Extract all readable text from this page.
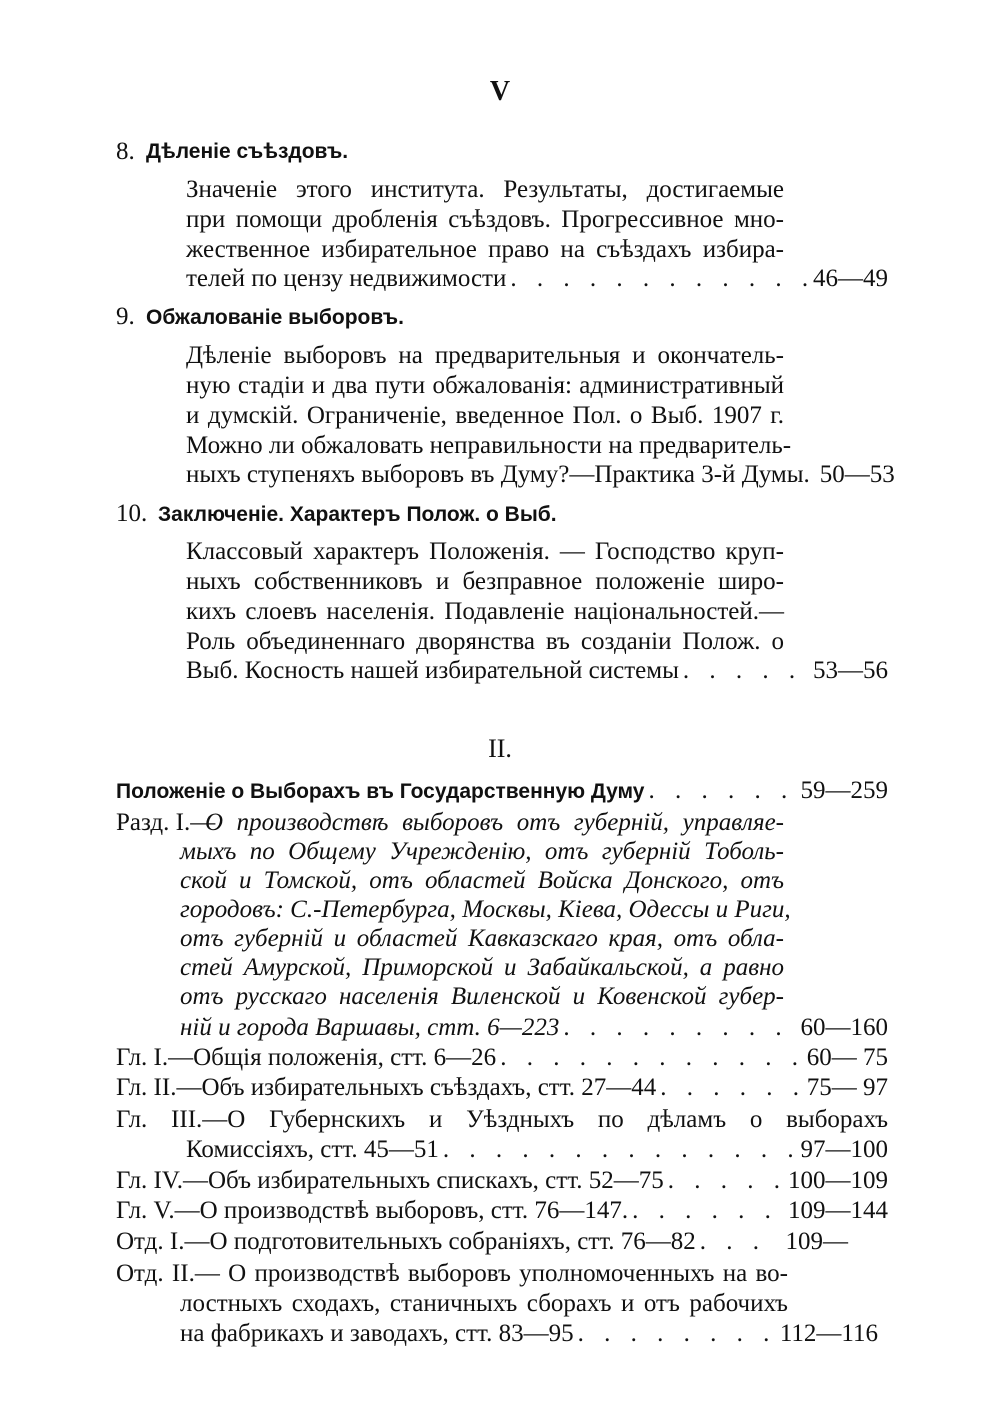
V
8. Дѣленіе съѣздовъ.
Значеніе этого института. Результаты, достигаемые
при помощи дробленія съѣздовъ. Прогрессивное мно-
жественное избирательное право на съѣздахъ избира-
телей по цензу недвижимости . . .	46—49
9. Обжалованіе выборовъ.
Дѣленіе выборовъ на предварительныя и окончатель-
ную стадіи и два пути обжалованія: административный
и думскій. Ограниченіе, введенное Пол. о Выб. 1907 г.
Можно ли обжаловать неправильности на предваритель-
ныхъ ступеняхъ выборовъ въ Думу?—Практика 3-й Думы. 50—53
10. Заключеніе. Характеръ Полож. о Выб.
Классовый характеръ Положенія. — Господство круп-
ныхъ собственниковъ и безправное положеніе широ-
кихъ слоевъ населенія. Подавленіе національностей.—
Роль объединеннаго дворянства въ созданіи Полож. о
Выб. Косность нашей избирательной системы . . .	53—56
II.
Положеніе о Выборахъ въ Государственную Думу . . .	59—259
Разд. I.—
О производствѣ выборовъ отъ губерній, управляе-
мыхъ по Общему Учрежденію, отъ губерній Тоболь-
ской и Томской, отъ областей Войска Донского, отъ
городовъ: С.-Петербурга, Москвы, Кіева, Одессы и Риги,
отъ губерній и областей Кавказскаго края, отъ обла-
стей Амурской, Приморской и Забайкальской, а равно
отъ русскаго населенія Виленской и Ковенской губер-
ній и города Варшавы, стт. 6—223 . . .	60—160
Гл. I.—Общія положенія, стт. 6—26 . . .	60— 75
Гл. II.—Объ избирательныхъ съѣздахъ, стт. 27—44 . . .	75— 97
Гл. III.—О Губернскихъ и Уѣздныхъ по дѣламъ о выборахъ
Комиссіяхъ, стт. 45—51 . . .	97—100
Гл. IV.—Объ избирательныхъ спискахъ, стт. 52—75 . . .	100—109
Гл. V.—О производствѣ выборовъ, стт. 76—147. . . .	109—144
Отд. I.—О подготовительныхъ собраніяхъ, стт. 76—82 . . .	109—
Отд. II.— О производствѣ выборовъ уполномоченныхъ на во-
лостныхъ сходахъ, станичныхъ сборахъ и отъ рабочихъ
на фабрикахъ и заводахъ, стт. 83—95 . . .	112—116
